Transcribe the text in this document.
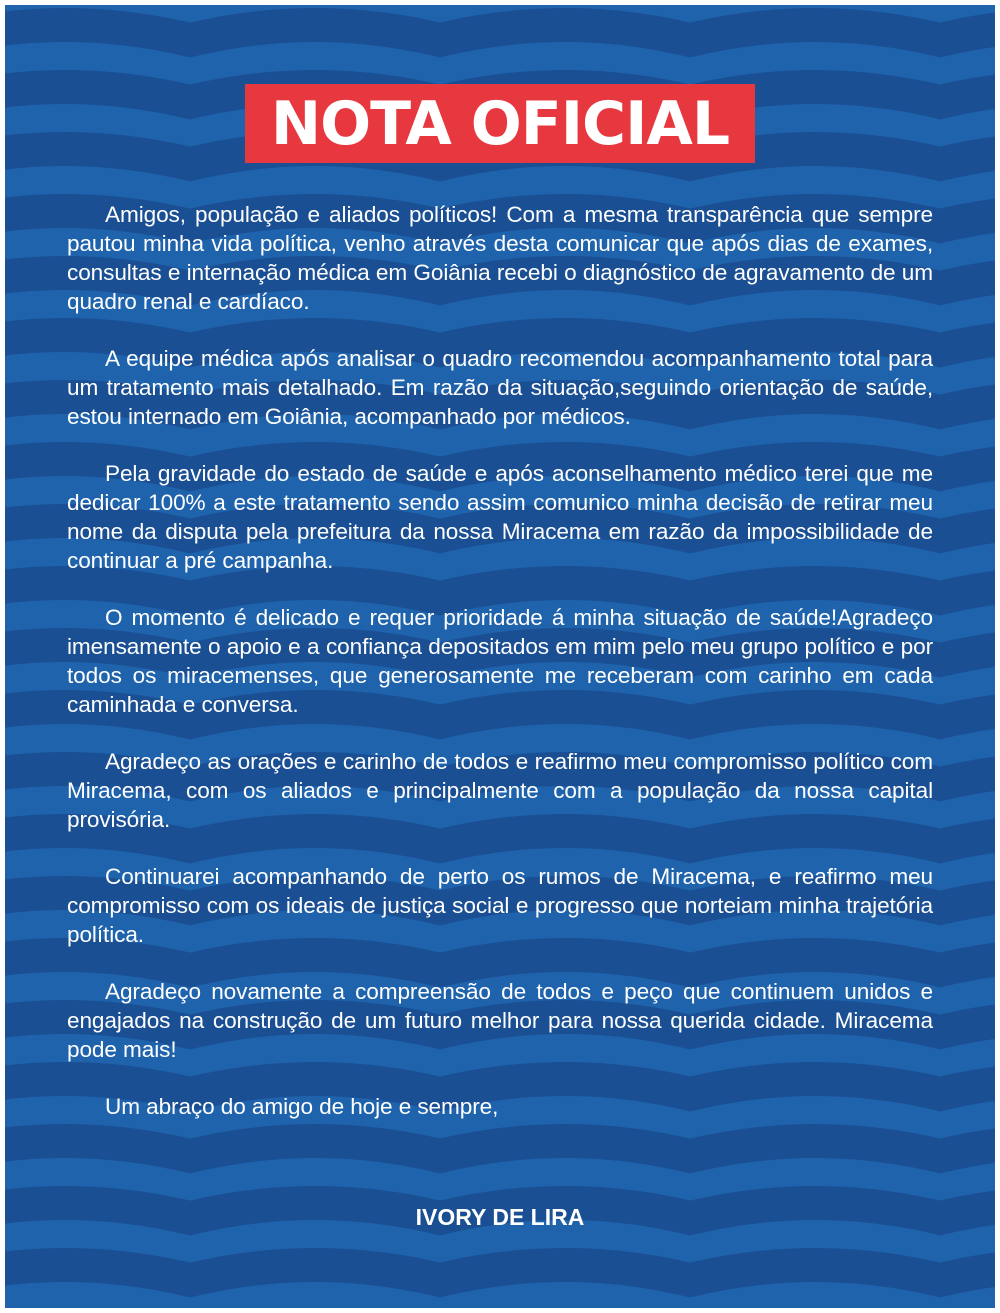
NOTA OFICIAL

Amigos, população e aliados políticos! Com a mesma transparência que sempre pautou minha vida política, venho através desta comunicar que após dias de exames, consultas e internação médica em Goiânia recebi o diagnóstico de agravamento de um quadro renal e cardíaco.

A equipe médica após analisar o quadro recomendou acompanhamento total para um tratamento mais detalhado. Em razão da situação,seguindo orientação de saúde, estou internado em Goiânia, acompanhado por médicos.

Pela gravidade do estado de saúde e após aconselhamento médico terei que me dedicar 100% a este tratamento sendo assim comunico minha decisão de retirar meu nome da disputa pela prefeitura da nossa Miracema em razão da impossibilidade de continuar a pré campanha.

O momento é delicado e requer prioridade á minha situação de saúde!Agradeço imensamente o apoio e a confiança depositados em mim pelo meu grupo político e por todos os miracemenses, que generosamente me receberam com carinho em cada caminhada e conversa.

Agradeço as orações e carinho de todos e reafirmo meu compromisso político com Miracema, com os aliados e principalmente com a população da nossa capital provisória.

Continuarei acompanhando de perto os rumos de Miracema, e reafirmo meu compromisso com os ideais de justiça social e progresso que norteiam minha trajetória política.

Agradeço novamente a compreensão de todos e peço que continuem unidos e engajados na construção de um futuro melhor para nossa querida cidade. Miracema pode mais!

Um abraço do amigo de hoje e sempre,

IVORY DE LIRA
